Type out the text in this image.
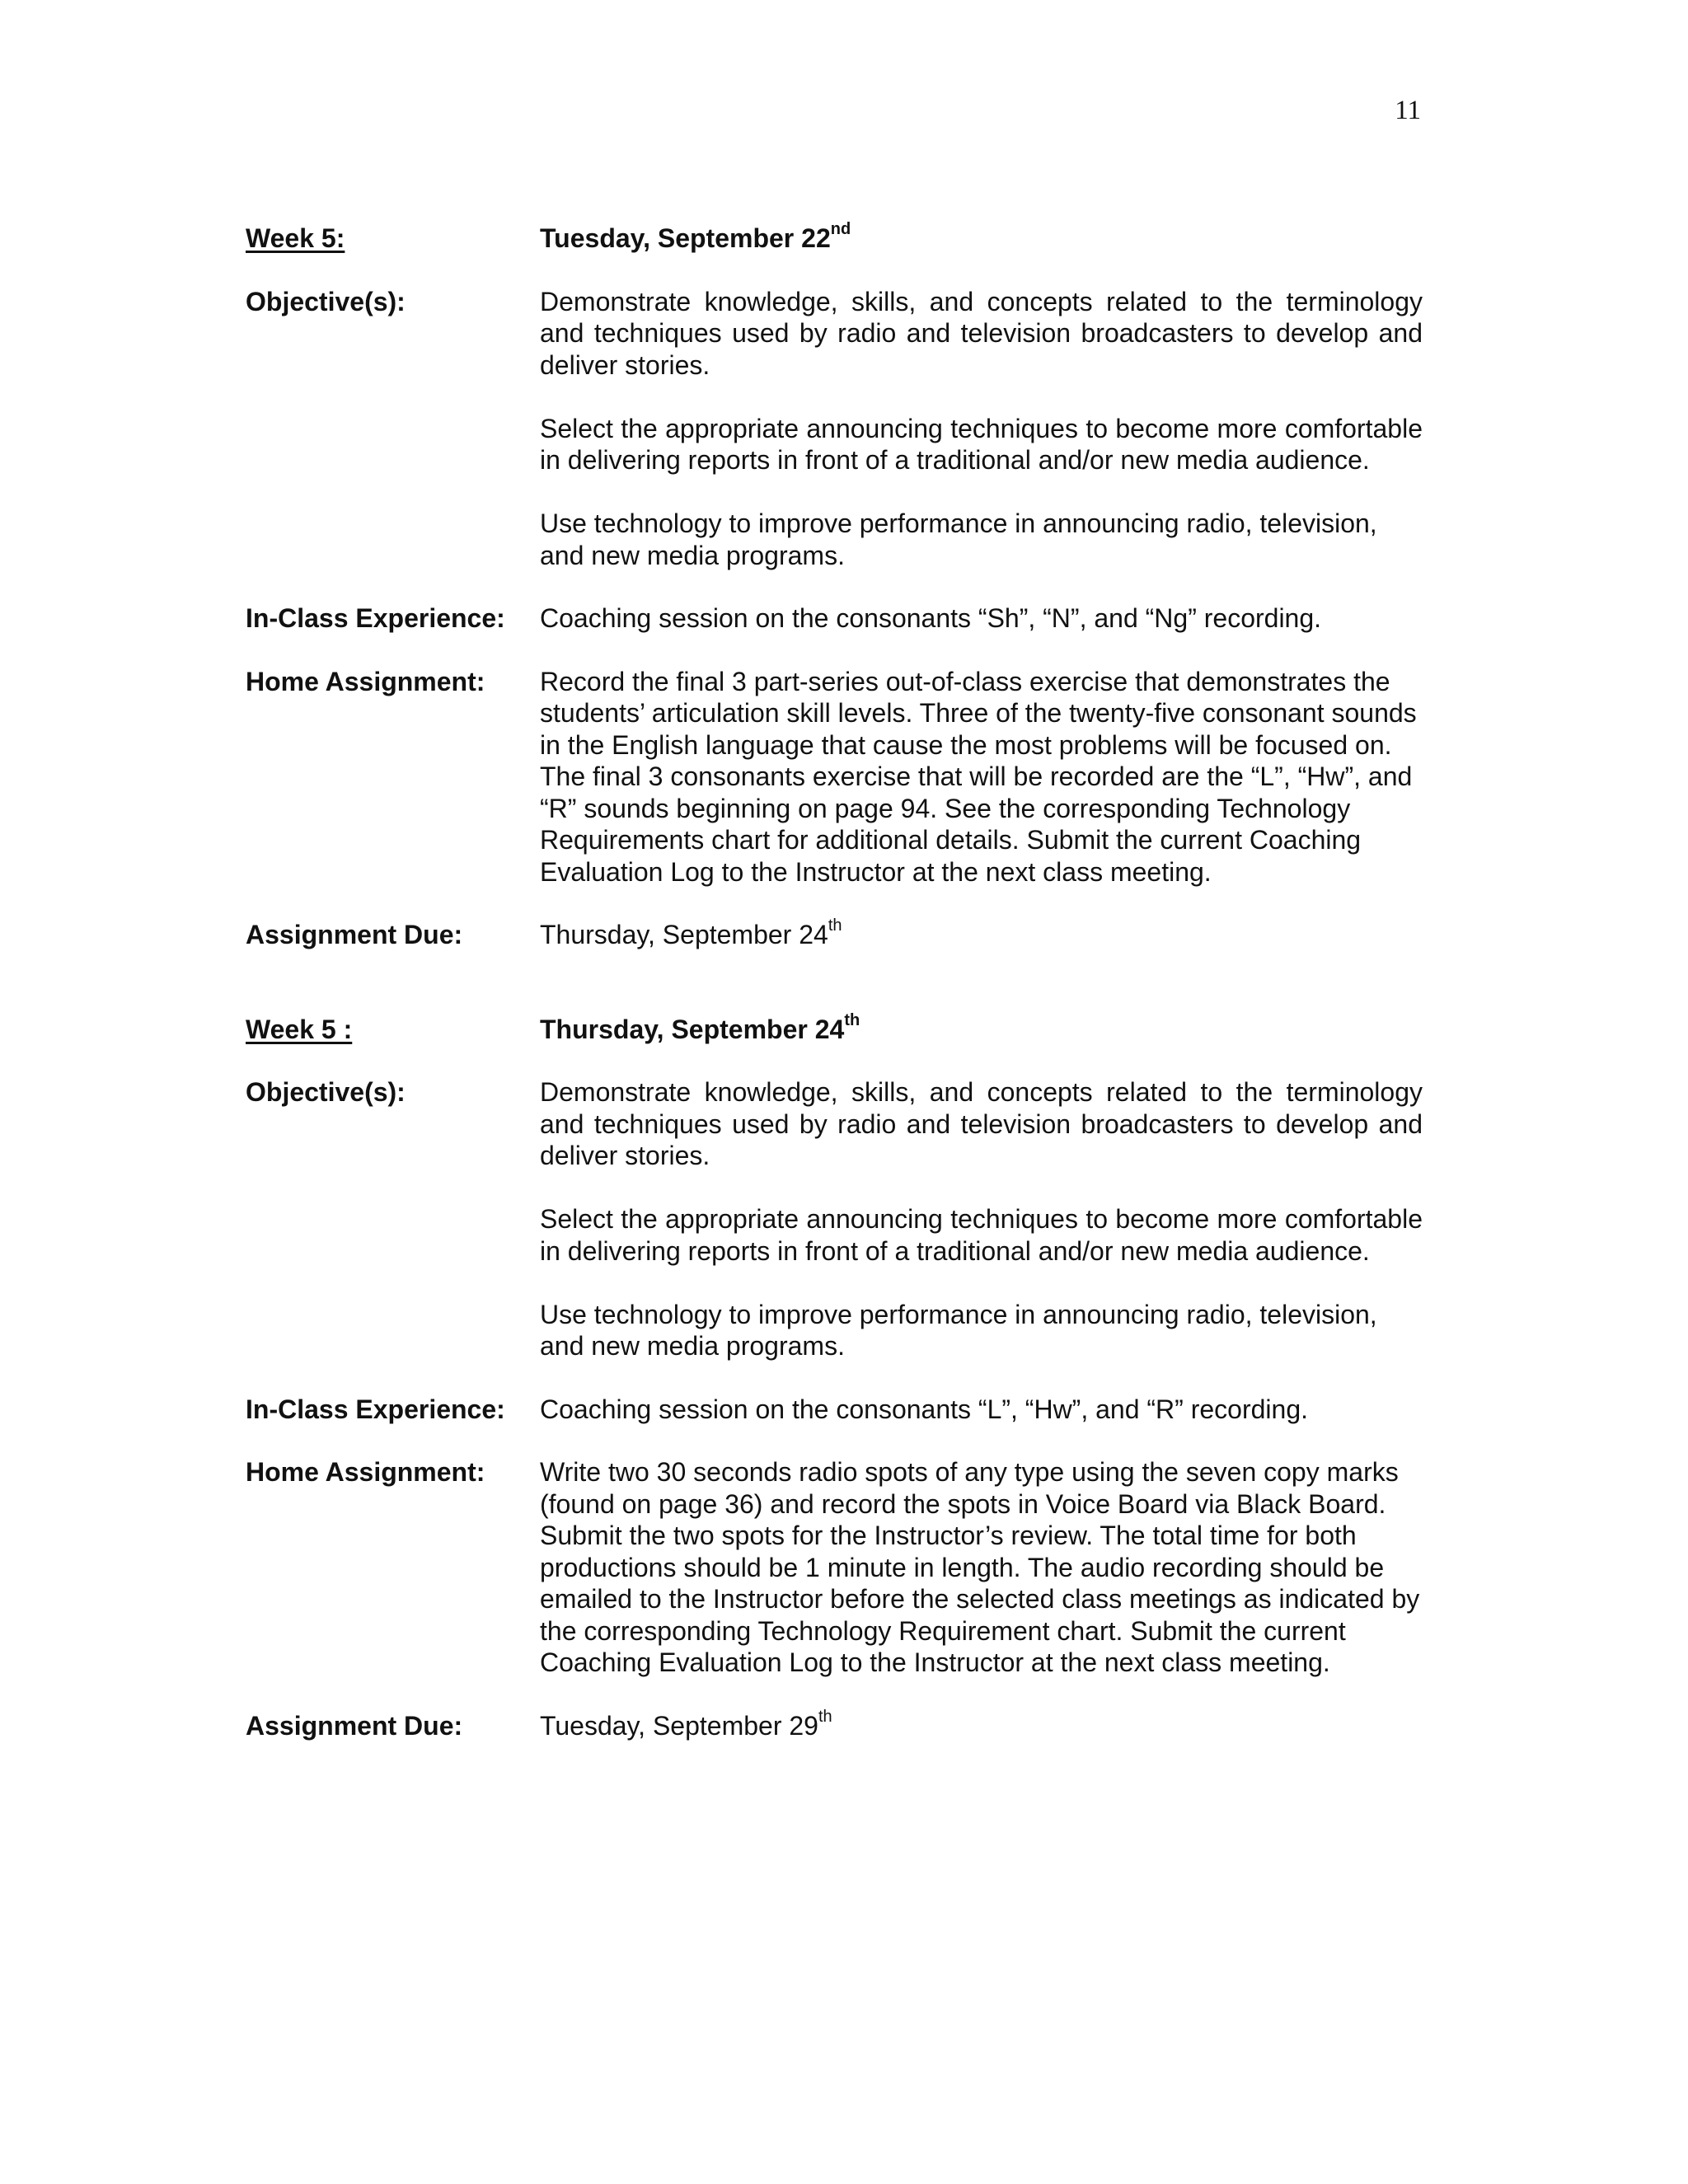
11
Week 5:	Tuesday, September 22nd
Objective(s):	Demonstrate knowledge, skills, and concepts related to the terminology and techniques used by radio and television broadcasters to develop and deliver stories.

Select the appropriate announcing techniques to become more comfortable in delivering reports in front of a traditional and/or new media audience.

Use technology to improve performance in announcing radio, television, and new media programs.

In-Class Experience:	Coaching session on the consonants “Sh”, “N”, and “Ng” recording.
Home Assignment:	Record the final 3 part-series out-of-class exercise that demonstrates the students’ articulation skill levels. Three of the twenty-five consonant sounds in the English language that cause the most problems will be focused on. The final 3 consonants exercise that will be recorded are the “L”, “Hw”, and “R” sounds beginning on page 94. See the corresponding Technology Requirements chart for additional details. Submit the current Coaching Evaluation Log to the Instructor at the next class meeting.
Assignment Due:	Thursday, September 24th
Week 5 :	Thursday, September 24th
Objective(s):	Demonstrate knowledge, skills, and concepts related to the terminology and techniques used by radio and television broadcasters to develop and deliver stories.

Select the appropriate announcing techniques to become more comfortable in delivering reports in front of a traditional and/or new media audience.

Use technology to improve performance in announcing radio, television, and new media programs.

In-Class Experience:	Coaching session on the consonants “L”, “Hw”, and “R” recording.
Home Assignment:	Write two 30 seconds radio spots of any type using the seven copy marks (found on page 36) and record the spots in Voice Board via Black Board. Submit the two spots for the Instructor’s review. The total time for both productions should be 1 minute in length. The audio recording should be emailed to the Instructor before the selected class meetings as indicated by the corresponding Technology Requirement chart. Submit the current Coaching Evaluation Log to the Instructor at the next class meeting.
Assignment Due:	Tuesday, September 29th
